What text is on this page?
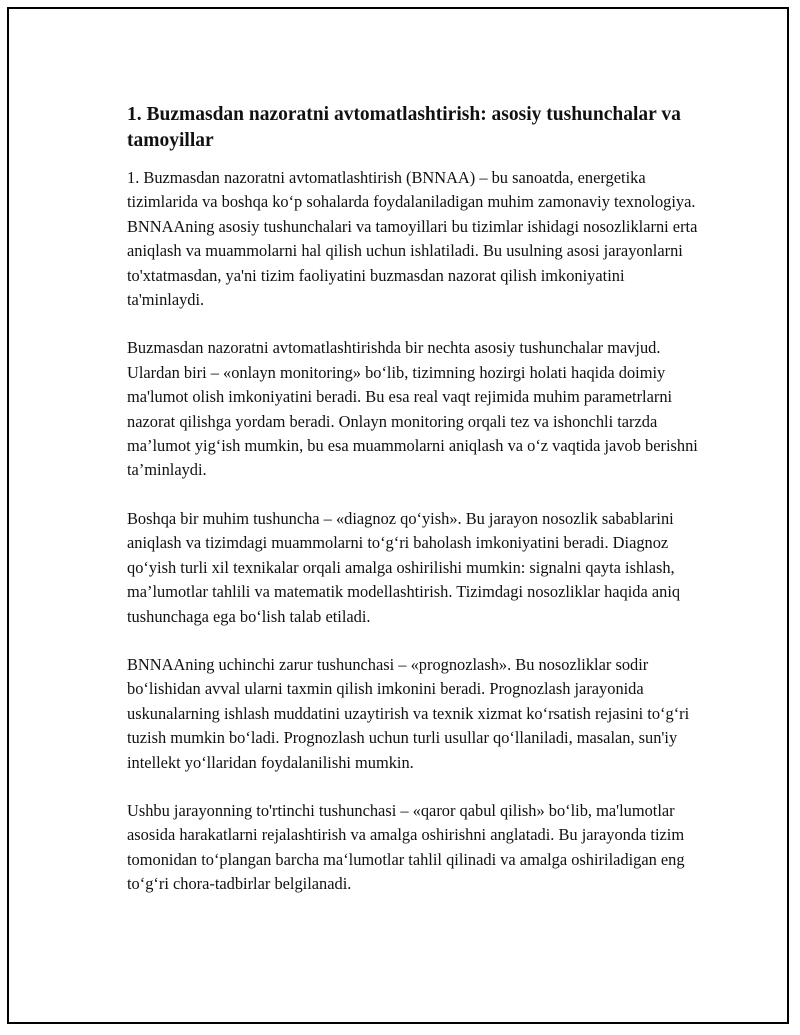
1. Buzmasdan nazoratni avtomatlashtirish: asosiy tushunchalar va tamoyillar

1. Buzmasdan nazoratni avtomatlashtirish (BNNAA) – bu sanoatda, energetika tizimlarida va boshqa ko‘p sohalarda foydalaniladigan muhim zamonaviy texnologiya. BNNAAning asosiy tushunchalari va tamoyillari bu tizimlar ishidagi nosozliklarni erta aniqlash va muammolarni hal qilish uchun ishlatiladi. Bu usulning asosi jarayonlarni to'xtatmasdan, ya'ni tizim faoliyatini buzmasdan nazorat qilish imkoniyatini ta'minlaydi.

Buzmasdan nazoratni avtomatlashtirishda bir nechta asosiy tushunchalar mavjud. Ulardan biri – «onlayn monitoring» bo‘lib, tizimning hozirgi holati haqida doimiy ma'lumot olish imkoniyatini beradi. Bu esa real vaqt rejimida muhim parametrlarni nazorat qilishga yordam beradi. Onlayn monitoring orqali tez va ishonchli tarzda ma’lumot yig‘ish mumkin, bu esa muammolarni aniqlash va o‘z vaqtida javob berishni ta’minlaydi.

Boshqa bir muhim tushuncha – «diagnoz qo‘yish». Bu jarayon nosozlik sabablarini aniqlash va tizimdagi muammolarni to‘g‘ri baholash imkoniyatini beradi. Diagnoz qo‘yish turli xil texnikalar orqali amalga oshirilishi mumkin: signalni qayta ishlash, ma’lumotlar tahlili va matematik modellashtirish. Tizimdagi nosozliklar haqida aniq tushunchaga ega bo‘lish talab etiladi.

BNNAAning uchinchi zarur tushunchasi – «prognozlash». Bu nosozliklar sodir bo‘lishidan avval ularni taxmin qilish imkonini beradi. Prognozlash jarayonida uskunalarning ishlash muddatini uzaytirish va texnik xizmat ko‘rsatish rejasini to‘g‘ri tuzish mumkin bo‘ladi. Prognozlash uchun turli usullar qo‘llaniladi, masalan, sun'iy intellekt yo‘llaridan foydalanilishi mumkin.

Ushbu jarayonning to'rtinchi tushunchasi – «qaror qabul qilish» bo‘lib, ma'lumotlar asosida harakatlarni rejalashtirish va amalga oshirishni anglatadi. Bu jarayonda tizim tomonidan to‘plangan barcha ma‘lumotlar tahlil qilinadi va amalga oshiriladigan eng to‘g‘ri chora-tadbirlar belgilanadi.
